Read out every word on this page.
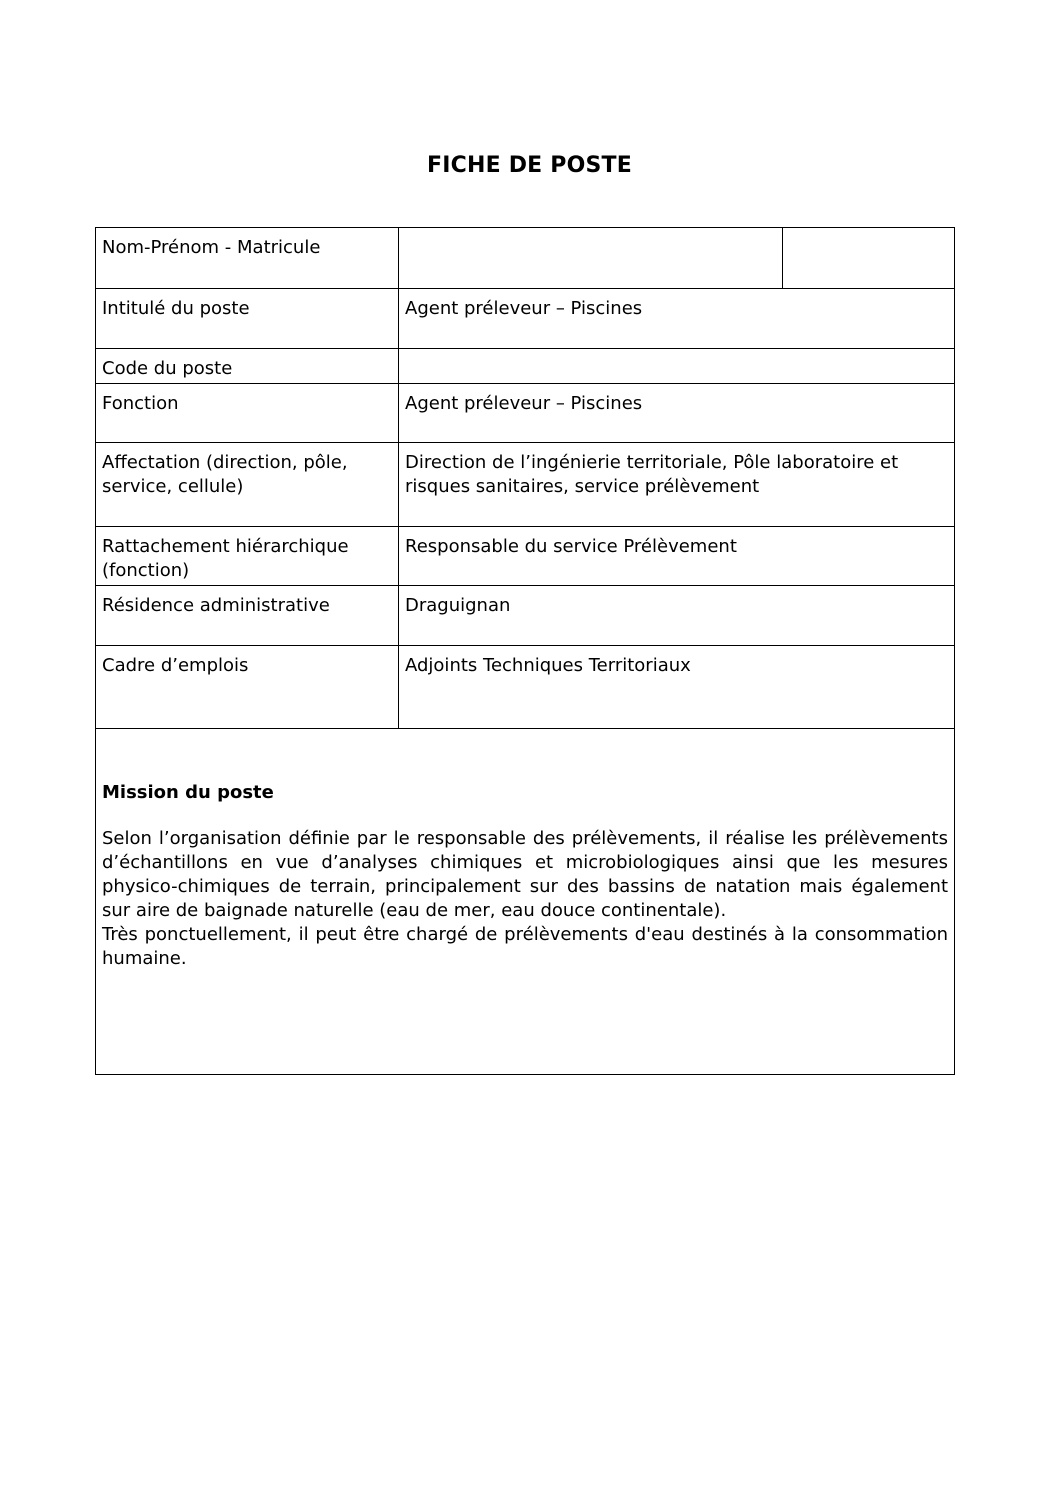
FICHE DE POSTE
Nom-Prénom - Matricule		
Intitulé du poste	Agent préleveur – Piscines	
Code du poste		
Fonction	Agent préleveur – Piscines	
Affectation (direction, pôle, service, cellule)	Direction de l’ingénierie territoriale, Pôle laboratoire et risques sanitaires, service prélèvement	
Rattachement hiérarchique (fonction)	Responsable du service Prélèvement	
Résidence administrative	Draguignan	
Cadre d’emplois	Adjoints Techniques Territoriaux	

Mission du poste

Selon l’organisation définie par le responsable des prélèvements, il réalise les prélèvements d’échantillons en vue d’analyses chimiques et microbiologiques ainsi que les mesures physico-chimiques de terrain, principalement sur des bassins de natation mais également sur aire de baignade naturelle (eau de mer, eau douce continentale).

Très ponctuellement, il peut être chargé de prélèvements d'eau destinés à la consommation humaine.		
